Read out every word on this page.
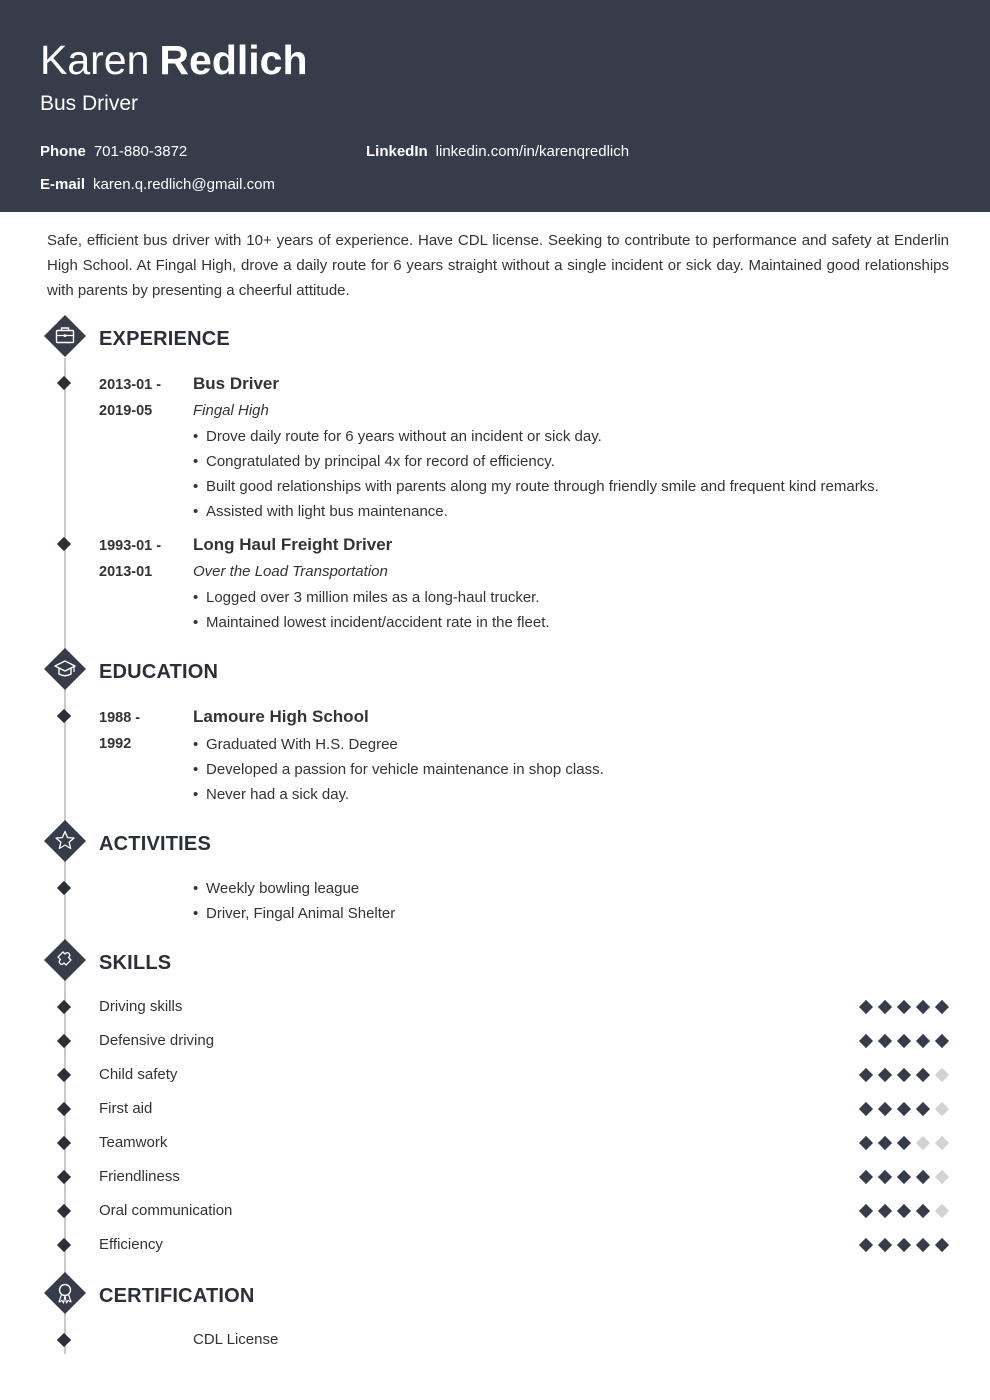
Karen Redlich
Bus Driver
Phone 701-880-3872	LinkedIn linkedin.com/in/karenqredlich
E-mail karen.q.redlich@gmail.com
Safe, efficient bus driver with 10+ years of experience. Have CDL license. Seeking to contribute to performance and safety at Enderlin High School. At Fingal High, drove a daily route for 6 years straight without a single incident or sick day. Maintained good relationships with parents by presenting a cheerful attitude.
EXPERIENCE
2013-01 -
2019-05
Bus Driver
Fingal High
• Drove daily route for 6 years without an incident or sick day.
• Congratulated by principal 4x for record of efficiency.
• Built good relationships with parents along my route through friendly smile and frequent kind remarks.
• Assisted with light bus maintenance.
1993-01 -
2013-01
Long Haul Freight Driver
Over the Load Transportation
• Logged over 3 million miles as a long-haul trucker.
• Maintained lowest incident/accident rate in the fleet.
EDUCATION
1988 -
1992
Lamoure High School
• Graduated With H.S. Degree
• Developed a passion for vehicle maintenance in shop class.
• Never had a sick day.
ACTIVITIES
• Weekly bowling league
• Driver, Fingal Animal Shelter
SKILLS
Driving skills
Defensive driving
Child safety
First aid
Teamwork
Friendliness
Oral communication
Efficiency
CERTIFICATION
CDL License
